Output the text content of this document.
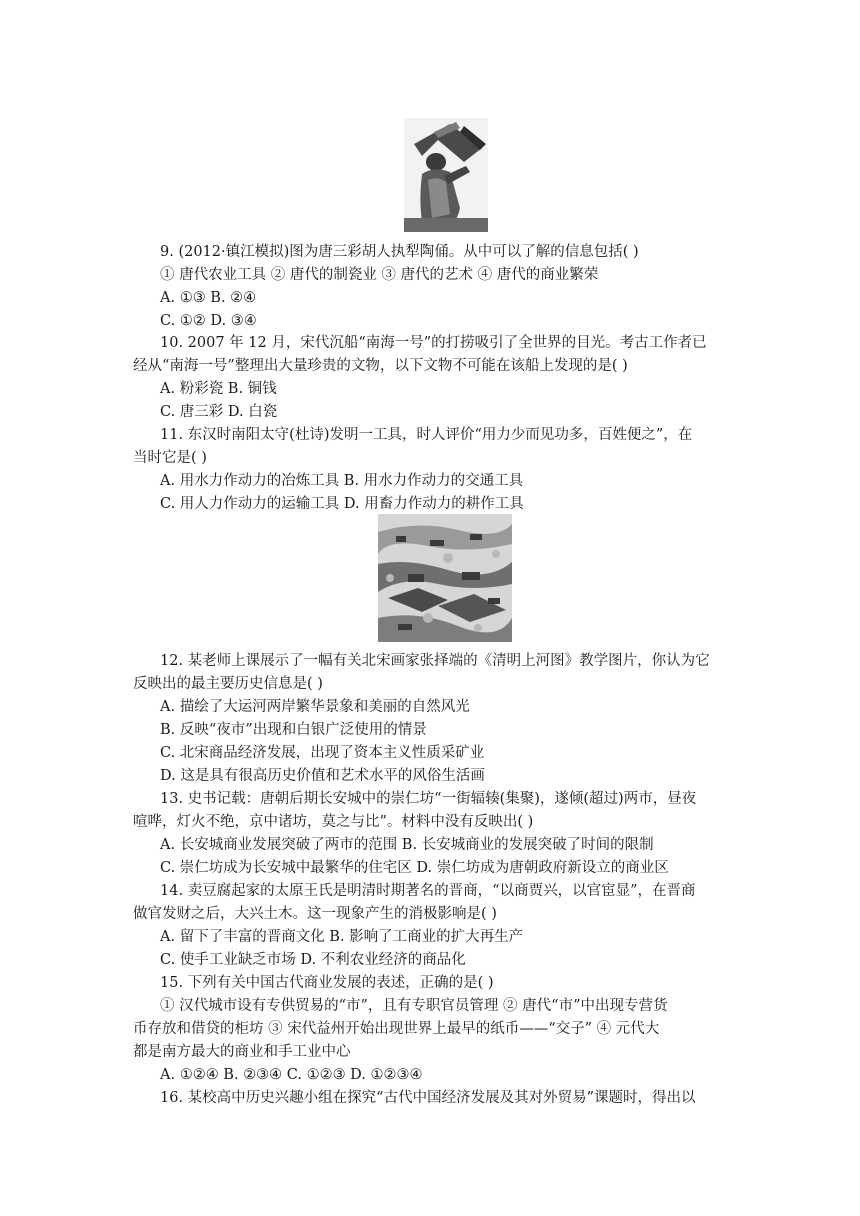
9. (2012·镇江模拟)图为唐三彩胡人执犁陶俑。从中可以了解的信息包括( )
① 唐代农业工具 ② 唐代的制瓷业 ③ 唐代的艺术 ④ 唐代的商业繁荣
A. ①③ B. ②④
C. ①② D. ③④
10. 2007 年 12 月，宋代沉船“南海一号”的打捞吸引了全世界的目光。考古工作者已
经从“南海一号”整理出大量珍贵的文物，以下文物不可能在该船上发现的是( )
A. 粉彩瓷 B. 铜钱
C. 唐三彩 D. 白瓷
11. 东汉时南阳太守(杜诗)发明一工具，时人评价“用力少而见功多，百姓便之”，在
当时它是( )
A. 用水力作动力的冶炼工具 B. 用水力作动力的交通工具
C. 用人力作动力的运输工具 D. 用畜力作动力的耕作工具
12. 某老师上课展示了一幅有关北宋画家张择端的《清明上河图》教学图片，你认为它
反映出的最主要历史信息是( )
A. 描绘了大运河两岸繁华景象和美丽的自然风光
B. 反映“夜市”出现和白银广泛使用的情景
C. 北宋商品经济发展，出现了资本主义性质采矿业
D. 这是具有很高历史价值和艺术水平的风俗生活画
13. 史书记载：唐朝后期长安城中的崇仁坊“一街辐辏(集聚)，遂倾(超过)两市，昼夜
喧哗，灯火不绝，京中诸坊，莫之与比”。材料中没有反映出( )
A. 长安城商业发展突破了两市的范围 B. 长安城商业的发展突破了时间的限制
C. 崇仁坊成为长安城中最繁华的住宅区 D. 崇仁坊成为唐朝政府新设立的商业区
14. 卖豆腐起家的太原王氏是明清时期著名的晋商，“以商贾兴，以官宦显”，在晋商
做官发财之后，大兴土木。这一现象产生的消极影响是( )
A. 留下了丰富的晋商文化 B. 影响了工商业的扩大再生产
C. 使手工业缺乏市场 D. 不利农业经济的商品化
15. 下列有关中国古代商业发展的表述，正确的是( )
① 汉代城市设有专供贸易的“市”，且有专职官员管理 ② 唐代“市”中出现专营货
币存放和借贷的柜坊 ③ 宋代益州开始出现世界上最早的纸币——“交子” ④ 元代大
都是南方最大的商业和手工业中心
A. ①②④ B. ②③④ C. ①②③ D. ①②③④
16. 某校高中历史兴趣小组在探究“古代中国经济发展及其对外贸易”课题时，得出以
